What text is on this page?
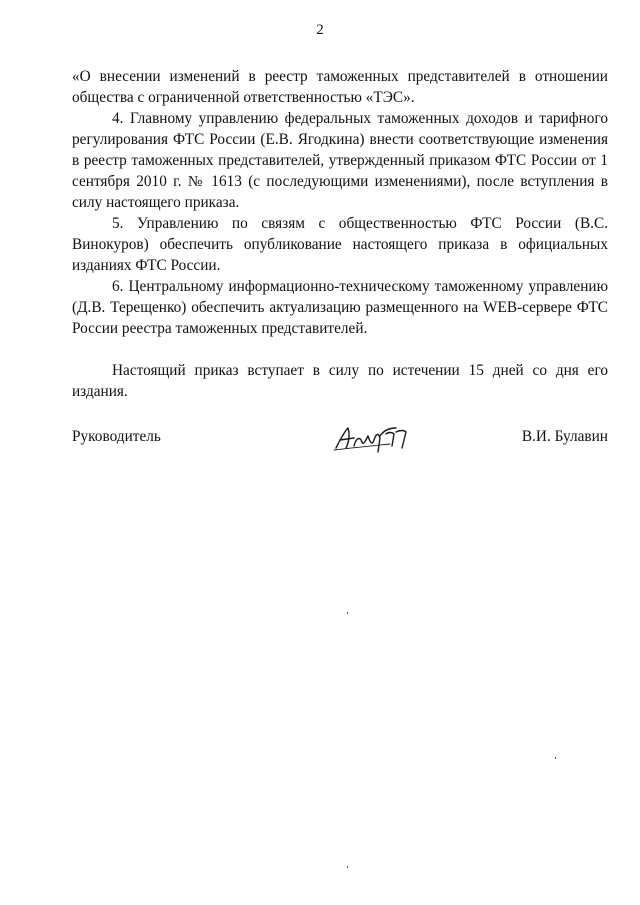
2

«О внесении изменений в реестр таможенных представителей в отношении общества с ограниченной ответственностью «ТЭС».

4. Главному управлению федеральных таможенных доходов и тарифного регулирования ФТС России (Е.В. Ягодкина) внести соответствующие изменения в реестр таможенных представителей, утвержденный приказом ФТС России от 1 сентября 2010 г. № 1613 (с последующими изменениями), после вступления в силу настоящего приказа.

5. Управлению по связям с общественностью ФТС России (В.С. Винокуров) обеспечить опубликование настоящего приказа в официальных изданиях ФТС России.

6. Центральному информационно-техническому таможенному управлению (Д.В. Терещенко) обеспечить актуализацию размещенного на WEB-сервере ФТС России реестра таможенных представителей.

Настоящий приказ вступает в силу по истечении 15 дней со дня его издания.

Руководитель	В.И. Булавин
